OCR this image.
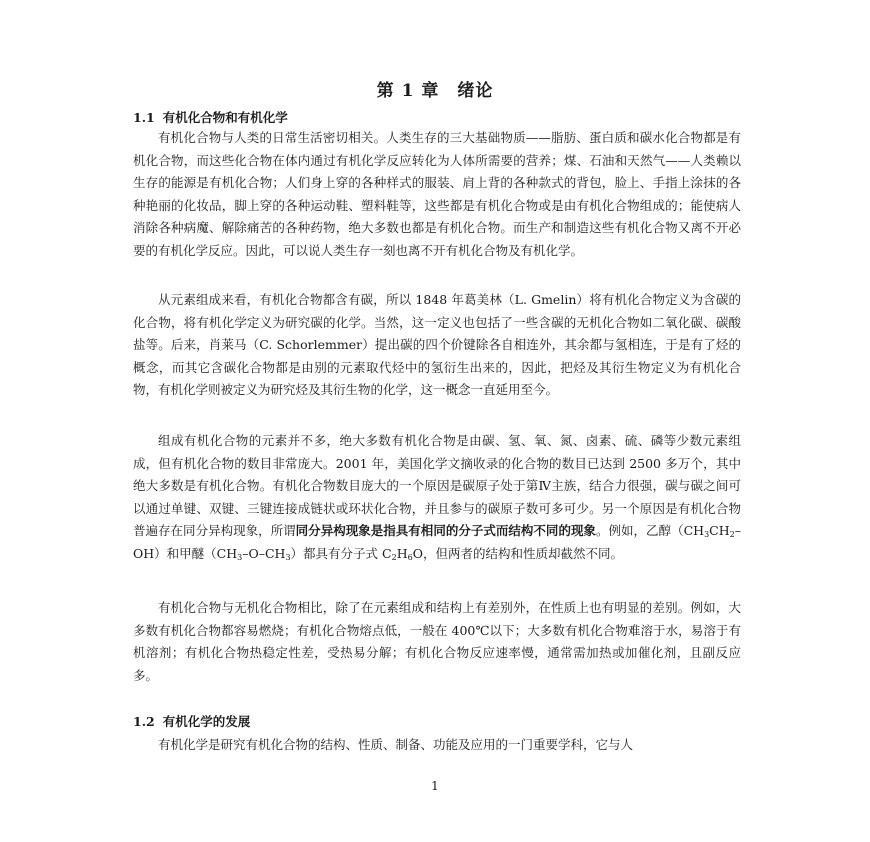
第 1 章 绪论
1.1 有机化合物和有机化学

有机化合物与人类的日常生活密切相关。人类生存的三大基础物质——脂肪、蛋白质和碳水化合物都是有机化合物，而这些化合物在体内通过有机化学反应转化为人体所需要的营养；煤、石油和天然气——人类赖以生存的能源是有机化合物；人们身上穿的各种样式的服装、肩上背的各种款式的背包，脸上、手指上涂抹的各种艳丽的化妆品，脚上穿的各种运动鞋、塑料鞋等，这些都是有机化合物或是由有机化合物组成的；能使病人消除各种病魔、解除痛苦的各种药物，绝大多数也都是有机化合物。而生产和制造这些有机化合物又离不开必要的有机化学反应。因此，可以说人类生存一刻也离不开有机化合物及有机化学。

从元素组成来看，有机化合物都含有碳，所以 1848 年葛美林（L. Gmelin）将有机化合物定义为含碳的化合物，将有机化学定义为研究碳的化学。当然，这一定义也包括了一些含碳的无机化合物如二氧化碳、碳酸盐等。后来，肖莱马（C. Schorlemmer）提出碳的四个价键除各自相连外，其余都与氢相连，于是有了烃的概念，而其它含碳化合物都是由别的元素取代烃中的氢衍生出来的，因此，把烃及其衍生物定义为有机化合物，有机化学则被定义为研究烃及其衍生物的化学，这一概念一直延用至今。

组成有机化合物的元素并不多，绝大多数有机化合物是由碳、氢、氧、氮、卤素、硫、磷等少数元素组成，但有机化合物的数目非常庞大。2001 年，美国化学文摘收录的化合物的数目已达到 2500 多万个，其中绝大多数是有机化合物。有机化合物数目庞大的一个原因是碳原子处于第Ⅳ主族，结合力很强，碳与碳之间可以通过单键、双键、三键连接成链状或环状化合物，并且参与的碳原子数可多可少。另一个原因是有机化合物普遍存在同分异构现象，所谓同分异构现象是指具有相同的分子式而结构不同的现象。例如，乙醇$(CH_3CH_2-OH)$和甲醚$(CH_3-O-CH_3)$都具有分子式 $C_2H_6O$，但两者的结构和性质却截然不同。

有机化合物与无机化合物相比，除了在元素组成和结构上有差别外，在性质上也有明显的差别。例如，大多数有机化合物都容易燃烧；有机化合物熔点低，一般在 400℃以下；大多数有机化合物难溶于水，易溶于有机溶剂；有机化合物热稳定性差，受热易分解；有机化合物反应速率慢，通常需加热或加催化剂，且副反应多。

1.2 有机化学的发展

有机化学是研究有机化合物的结构、性质、制备、功能及应用的一门重要学科，它与人

1
